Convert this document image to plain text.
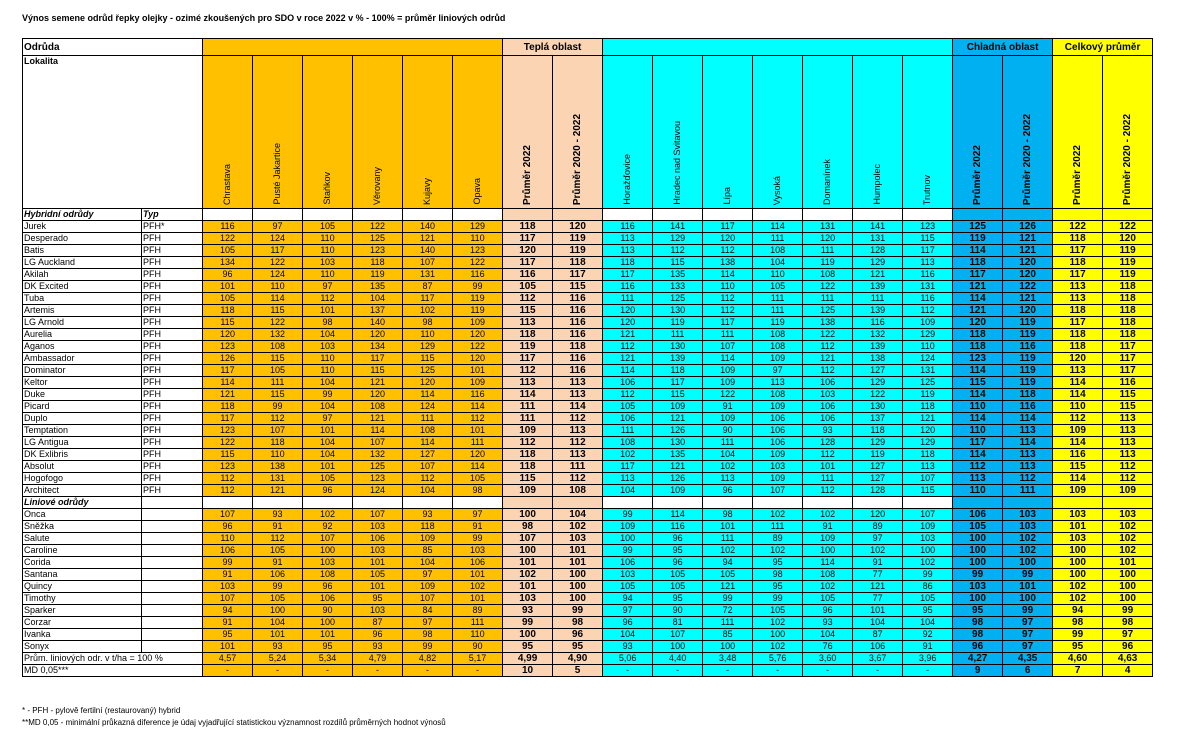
Výnos semene odrůd řepky olejky - ozimé zkoušených pro SDO v roce 2022 v % - 100% = průměr liniových odrůd
Odrůda								Teplá oblast									Chladná oblast		Celkový průměr	
Lokalita		Chrastava	Pusté Jakartice	Staňkov	Věrovany	Kujavy	Opava	Průměr 2022	Průměr 2020 - 2022	Horažďovice	Hradec nad Svitavou	Lípa	Vysoká	Domanínek	Humpolec	Trutnov	Průměr 2022	Průměr 2020 - 2022	Průměr 2022	Průměr 2020 - 2022
Hybridní odrůdy	Typ																			
Jurek	PFH*	116	97	105	122	140	129	118	120	116	141	117	114	131	141	123	125	126	122	122
Desperado	PFH	122	124	110	125	121	110	117	119	113	129	120	111	120	131	115	119	121	118	120
Batis	PFH	105	117	110	123	140	123	120	119	113	112	112	108	111	128	117	114	121	117	119
LG Auckland	PFH	134	122	103	118	107	122	117	118	118	115	138	104	119	129	113	118	120	118	119
Akilah	PFH	96	124	110	119	131	116	116	117	117	135	114	110	108	121	116	117	120	117	119
DK Excited	PFH	101	110	97	135	87	99	105	115	116	133	110	105	122	139	131	121	122	113	118
Tuba	PFH	105	114	112	104	117	119	112	116	111	125	112	111	111	111	116	114	121	113	118
Artemis	PFH	118	115	101	137	102	119	115	116	120	130	112	111	125	139	112	121	120	118	118
LG Arnold	PFH	115	122	98	140	98	109	113	116	120	119	117	119	138	116	109	120	119	117	118
Aurelia	PFH	120	132	104	120	110	120	118	116	121	111	111	108	122	132	129	118	119	118	118
Aganos	PFH	123	108	103	134	129	122	119	118	112	130	107	108	112	139	110	118	116	118	117
Ambassador	PFH	126	115	110	117	115	120	117	116	121	139	114	109	121	138	124	123	119	120	117
Dominator	PFH	117	105	110	115	125	101	112	116	114	118	109	97	112	127	131	114	119	113	117
Keltor	PFH	114	111	104	121	120	109	113	113	106	117	109	113	106	129	125	115	119	114	116
Duke	PFH	121	115	99	120	114	116	114	113	112	115	122	108	103	122	119	114	118	114	115
Picard	PFH	118	99	104	108	124	114	111	114	105	109	91	109	106	130	118	110	116	110	115
Duplo	PFH	117	112	97	121	111	112	111	112	106	121	109	106	106	137	121	114	114	112	113
Temptation	PFH	123	107	101	114	108	101	109	113	111	126	90	106	93	118	120	110	113	109	113
LG Antigua	PFH	122	118	104	107	114	111	112	112	108	130	111	106	128	129	129	117	114	114	113
DK Exlibris	PFH	115	110	104	132	127	120	118	113	102	135	104	109	112	119	118	114	113	116	113
Absolut	PFH	123	138	101	125	107	114	118	111	117	121	102	103	101	127	113	112	113	115	112
Hogofogo	PFH	112	131	105	123	112	105	115	112	113	126	113	109	111	127	107	113	112	114	112
Architect	PFH	112	121	96	124	104	98	109	108	104	109	96	107	112	128	115	110	111	109	109
Liniové odrůdy																				
Onca		107	93	102	107	93	97	100	104	99	114	98	102	102	120	107	106	103	103	103
Sněžka		96	91	92	103	118	91	98	102	109	116	101	111	91	89	109	105	103	101	102
Salute		110	112	107	106	109	99	107	103	100	96	111	89	109	97	103	100	102	103	102
Caroline		106	105	100	103	85	103	100	101	99	95	102	102	100	102	100	100	102	100	102
Corida		99	91	103	101	104	106	101	101	106	96	94	95	114	91	102	100	100	100	101
Santana		91	106	108	105	97	101	102	100	103	105	105	98	108	77	99	99	99	100	100
Quincy		103	99	96	101	109	102	101	100	105	105	121	95	102	121	86	103	101	102	100
Timothy		107	105	106	95	107	101	103	100	94	95	99	99	105	77	105	100	100	102	100
Sparker		94	100	90	103	84	89	93	99	97	90	72	105	96	101	95	95	99	94	99
Corzar		91	104	100	87	97	111	99	98	96	81	111	102	93	104	104	98	97	98	98
Ivanka		95	101	101	96	98	110	100	96	104	107	85	100	104	87	92	98	97	99	97
Sonyx		101	93	95	93	99	90	95	95	93	100	100	102	76	106	91	96	97	95	96
Prům. liniových odr. v t/ha = 100 %		4,57	5,24	5,34	4,79	4,82	5,17	4,99	4,90	5,06	4,40	3,48	5,76	3,60	3,67	3,96	4,27	4,35	4,60	4,63
MD 0,05***		-	-	-	-	-	-	10	5	-	-	-	-	-	-	-	9	6	7	4
* - PFH - pylově fertilní (restaurovaný) hybrid
**MD 0,05 - minimální průkazná diference je údaj vyjadřující statistickou významnost rozdílů průměrných hodnot výnosů
